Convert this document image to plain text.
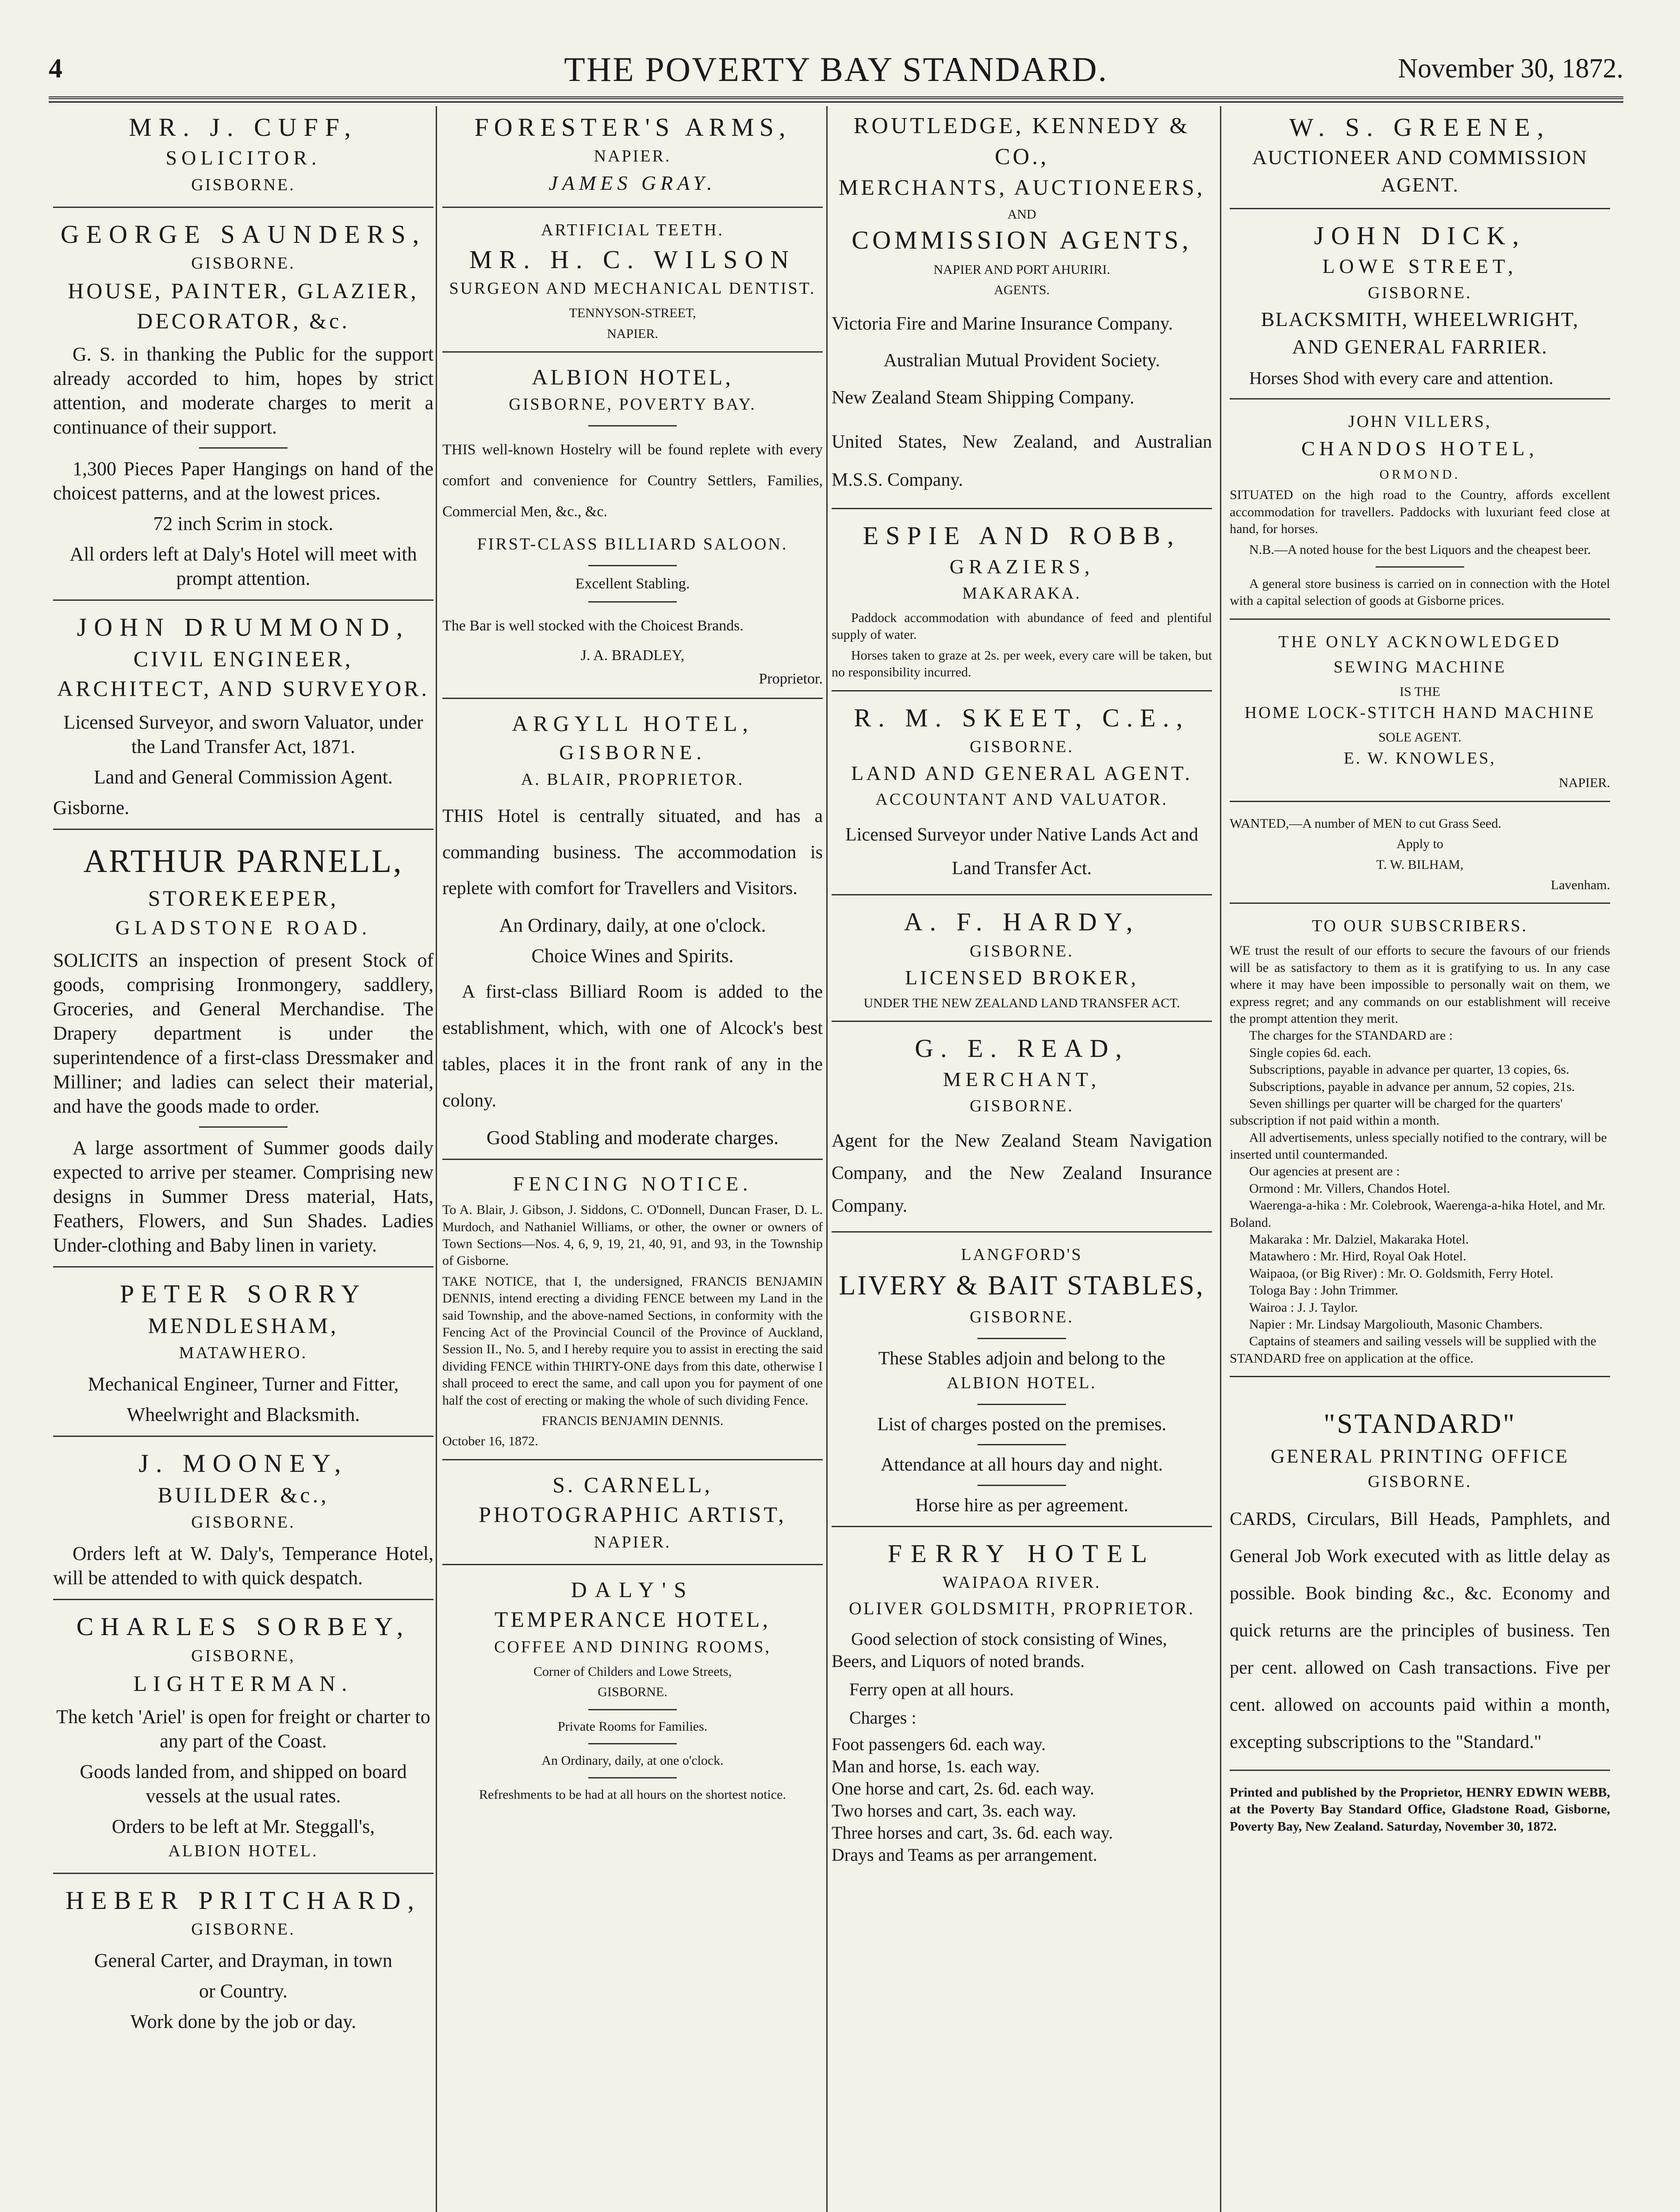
4	THE POVERTY BAY STANDARD.	November 30, 1872.
MR. J. CUFF,
SOLICITOR.
GISBORNE.
GEORGE SAUNDERS,
GISBORNE.
HOUSE, PAINTER, GLAZIER,
DECORATOR, &c.

G. S. in thanking the Public for the support already accorded to him, hopes by strict attention, and moderate charges to merit a continuance of their support.

1,300 Pieces Paper Hangings on hand of the choicest patterns, and at the lowest prices.

72 inch Scrim in stock.

All orders left at Daly's Hotel will meet with prompt attention.

JOHN DRUMMOND,
CIVIL ENGINEER, ARCHITECT, AND SURVEYOR.

Licensed Surveyor, and sworn Valuator, under the Land Transfer Act, 1871.

Land and General Commission Agent.

Gisborne.

ARTHUR PARNELL,
STOREKEEPER,
GLADSTONE ROAD.

SOLICITS an inspection of present Stock of goods, comprising Ironmongery, saddlery, Groceries, and General Merchandise. The Drapery department is under the superintendence of a first-class Dressmaker and Milliner; and ladies can select their material, and have the goods made to order.

A large assortment of Summer goods daily expected to arrive per steamer. Comprising new designs in Summer Dress material, Hats, Feathers, Flowers, and Sun Shades. Ladies Under-clothing and Baby linen in variety.

PETER SORRY
MENDLESHAM,
MATAWHERO.

Mechanical Engineer, Turner and Fitter,

Wheelwright and Blacksmith.

J. MOONEY,
BUILDER &c.,
GISBORNE.

Orders left at W. Daly's, Temperance Hotel, will be attended to with quick despatch.

CHARLES SORBEY,
GISBORNE,
LIGHTERMAN.

The ketch 'Ariel' is open for freight or charter to any part of the Coast.

Goods landed from, and shipped on board vessels at the usual rates.

Orders to be left at Mr. Steggall's,

ALBION HOTEL.
HEBER PRITCHARD,
GISBORNE.

General Carter, and Drayman, in town

or Country.

Work done by the job or day.

FORESTER'S ARMS,
NAPIER.
JAMES GRAY.
ARTIFICIAL TEETH.
MR. H. C. WILSON
SURGEON AND MECHANICAL DENTIST.
TENNYSON-STREET,
NAPIER.
ALBION HOTEL,
GISBORNE, POVERTY BAY.

THIS well-known Hostelry will be found replete with every comfort and convenience for Country Settlers, Families, Commercial Men, &c., &c.

FIRST-CLASS BILLIARD SALOON.

Excellent Stabling.

The Bar is well stocked with the Choicest Brands.

J. A. BRADLEY,
Proprietor.
ARGYLL HOTEL,
GISBORNE.
A. BLAIR, PROPRIETOR.

THIS Hotel is centrally situated, and has a commanding business. The accommodation is replete with comfort for Travellers and Visitors.

An Ordinary, daily, at one o'clock.

Choice Wines and Spirits.

A first-class Billiard Room is added to the establishment, which, with one of Alcock's best tables, places it in the front rank of any in the colony.

Good Stabling and moderate charges.

FENCING NOTICE.

To A. Blair, J. Gibson, J. Siddons, C. O'Donnell, Duncan Fraser, D. L. Murdoch, and Nathaniel Williams, or other, the owner or owners of Town Sections—Nos. 4, 6, 9, 19, 21, 40, 91, and 93, in the Township of Gisborne.

TAKE NOTICE, that I, the undersigned, FRANCIS BENJAMIN DENNIS, intend erecting a dividing FENCE between my Land in the said Township, and the above-named Sections, in conformity with the Fencing Act of the Provincial Council of the Province of Auckland, Session II., No. 5, and I hereby require you to assist in erecting the said dividing FENCE within THIRTY-ONE days from this date, otherwise I shall proceed to erect the same, and call upon you for payment of one half the cost of erecting or making the whole of such dividing Fence.

FRANCIS BENJAMIN DENNIS.
October 16, 1872.
S. CARNELL,
PHOTOGRAPHIC ARTIST,
NAPIER.
DALY'S
TEMPERANCE HOTEL,
COFFEE AND DINING ROOMS,
Corner of Childers and Lowe Streets,
GISBORNE.
Private Rooms for Families.
An Ordinary, daily, at one o'clock.
Refreshments to be had at all hours on the shortest notice.
ROUTLEDGE, KENNEDY & CO.,
MERCHANTS, AUCTIONEERS,
AND
COMMISSION AGENTS,
NAPIER AND PORT AHURIRI.
AGENTS.

Victoria Fire and Marine Insurance Company.

Australian Mutual Provident Society.

New Zealand Steam Shipping Company.

United States, New Zealand, and Australian M.S.S. Company.

ESPIE AND ROBB,
GRAZIERS,
MAKARAKA.

Paddock accommodation with abundance of feed and plentiful supply of water.

Horses taken to graze at 2s. per week, every care will be taken, but no responsibility incurred.

R. M. SKEET, C.E.,
GISBORNE.
LAND AND GENERAL AGENT.
ACCOUNTANT AND VALUATOR.

Licensed Surveyor under Native Lands Act and Land Transfer Act.

A. F. HARDY,
GISBORNE.
LICENSED BROKER,

UNDER THE NEW ZEALAND LAND TRANSFER ACT.

G. E. READ,
MERCHANT,
GISBORNE.

Agent for the New Zealand Steam Navigation Company, and the New Zealand Insurance Company.

LANGFORD'S
LIVERY & BAIT STABLES,
GISBORNE.

These Stables adjoin and belong to the

ALBION HOTEL.

List of charges posted on the premises.

Attendance at all hours day and night.

Horse hire as per agreement.

FERRY HOTEL
WAIPAOA RIVER.
OLIVER GOLDSMITH, PROPRIETOR.

Good selection of stock consisting of Wines, Beers, and Liquors of noted brands.

Ferry open at all hours.

Charges :

Foot passengers 6d. each way.
Man and horse, 1s. each way.
One horse and cart, 2s. 6d. each way.
Two horses and cart, 3s. each way.
Three horses and cart, 3s. 6d. each way.
Drays and Teams as per arrangement.
W. S. GREENE,
AUCTIONEER AND COMMISSION AGENT.
JOHN DICK,
LOWE STREET,
GISBORNE.
BLACKSMITH, WHEELWRIGHT,
AND GENERAL FARRIER.

Horses Shod with every care and attention.

JOHN VILLERS,
CHANDOS HOTEL,
ORMOND.

SITUATED on the high road to the Country, affords excellent accommodation for travellers. Paddocks with luxuriant feed close at hand, for horses.

N.B.—A noted house for the best Liquors and the cheapest beer.

A general store business is carried on in connection with the Hotel with a capital selection of goods at Gisborne prices.

THE ONLY ACKNOWLEDGED
SEWING MACHINE
IS THE
HOME LOCK-STITCH HAND MACHINE
SOLE AGENT.
E. W. KNOWLES,
NAPIER.

WANTED,—A number of MEN to cut Grass Seed.

Apply to
T. W. BILHAM,
Lavenham.
TO OUR SUBSCRIBERS.

WE trust the result of our efforts to secure the favours of our friends will be as satisfactory to them as it is gratifying to us. In any case where it may have been impossible to personally wait on them, we express regret; and any commands on our establishment will receive the prompt attention they merit.

The charges for the STANDARD are :

Single copies 6d. each.

Subscriptions, payable in advance per quarter, 13 copies, 6s.

Subscriptions, payable in advance per annum, 52 copies, 21s.

Seven shillings per quarter will be charged for the quarters' subscription if not paid within a month.

All advertisements, unless specially notified to the contrary, will be inserted until countermanded.

Our agencies at present are :

Ormond : Mr. Villers, Chandos Hotel.

Waerenga-a-hika : Mr. Colebrook, Waerenga-a-hika Hotel, and Mr. Boland.

Makaraka : Mr. Dalziel, Makaraka Hotel.

Matawhero : Mr. Hird, Royal Oak Hotel.

Waipaoa, (or Big River) : Mr. O. Goldsmith, Ferry Hotel.

Tologa Bay : John Trimmer.

Wairoa : J. J. Taylor.

Napier : Mr. Lindsay Margoliouth, Masonic Chambers.

Captains of steamers and sailing vessels will be supplied with the STANDARD free on application at the office.

"STANDARD"
GENERAL PRINTING OFFICE
GISBORNE.

CARDS, Circulars, Bill Heads, Pamphlets, and General Job Work executed with as little delay as possible. Book binding &c., &c. Economy and quick returns are the principles of business. Ten per cent. allowed on Cash transactions. Five per cent. allowed on accounts paid within a month, excepting subscriptions to the "Standard."

Printed and published by the Proprietor, HENRY EDWIN WEBB, at the Poverty Bay Standard Office, Gladstone Road, Gisborne, Poverty Bay, New Zealand. Saturday, November 30, 1872.
